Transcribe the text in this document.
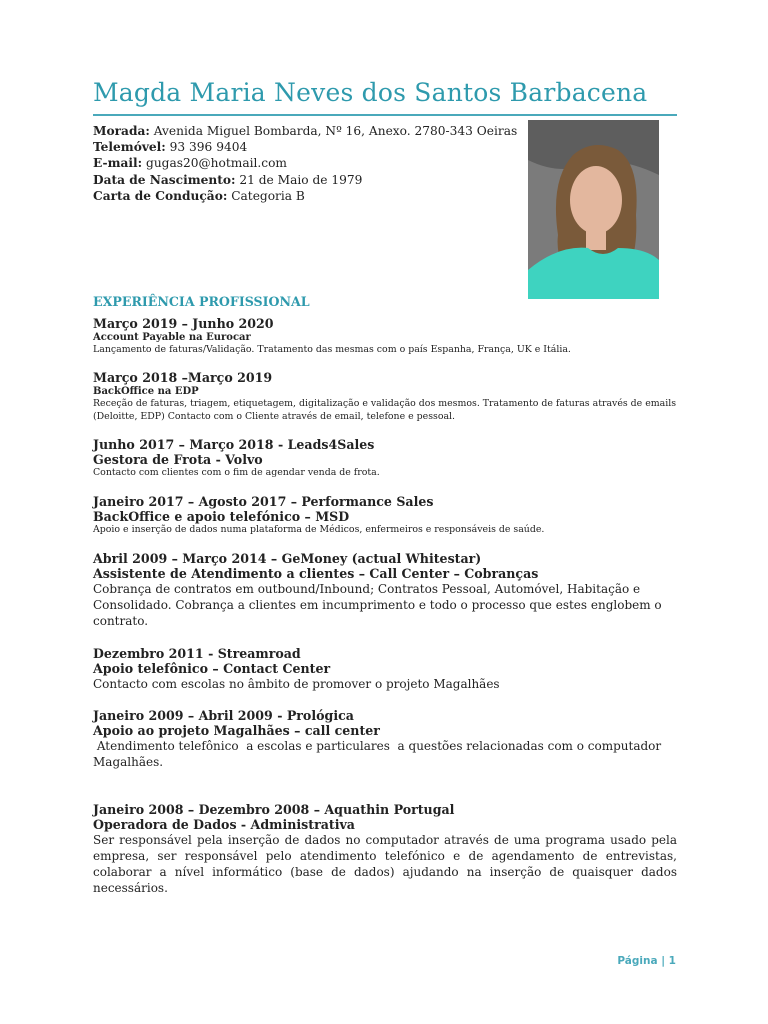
Magda Maria Neves dos Santos Barbacena
Morada: Avenida Miguel Bombarda, Nº 16, Anexo. 2780-343 Oeiras
Telemóvel: 93 396 9404
E-mail: gugas20@hotmail.com
Data de Nascimento: 21 de Maio de 1979
Carta de Condução: Categoria B
EXPERIÊNCIA PROFISSIONAL
Março 2019 – Junho 2020
Account Payable na Eurocar
Lançamento de faturas/Validação. Tratamento das mesmas com o país Espanha, França, UK e Itália.
Março 2018 –Março 2019
BackOffice na EDP
Receção de faturas, triagem, etiquetagem, digitalização e validação dos mesmos. Tratamento de faturas através de emails (Deloitte, EDP) Contacto com o Cliente através de email, telefone e pessoal.
Junho 2017 – Março 2018 - Leads4Sales
Gestora de Frota - Volvo
Contacto com clientes com o fim de agendar venda de frota.
Janeiro 2017 – Agosto 2017 – Performance Sales
BackOffice e apoio telefónico – MSD
Apoio e inserção de dados numa plataforma de Médicos, enfermeiros e responsáveis de saúde.
Abril 2009 – Março 2014 – GeMoney (actual Whitestar)
Assistente de Atendimento a clientes – Call Center – Cobranças
Cobrança de contratos em outbound/Inbound; Contratos Pessoal, Automóvel, Habitação e Consolidado. Cobrança a clientes em incumprimento e todo o processo que estes englobem o contrato.
Dezembro 2011 - Streamroad
Apoio telefônico – Contact Center
Contacto com escolas no âmbito de promover o projeto Magalhães
Janeiro 2009 – Abril 2009 - Prológica
Apoio ao projeto Magalhães – call center
Atendimento telefônico  a escolas e particulares  a questões relacionadas com o computador Magalhães.
Janeiro 2008 – Dezembro 2008 – Aquathin Portugal
Operadora de Dados - Administrativa
Ser responsável pela inserção de dados no computador através de uma programa usado pela empresa, ser responsável pelo atendimento telefónico e de agendamento de entrevistas, colaborar a nível informático (base de dados) ajudando na inserção de quaisquer dados necessários.
Página | 1
